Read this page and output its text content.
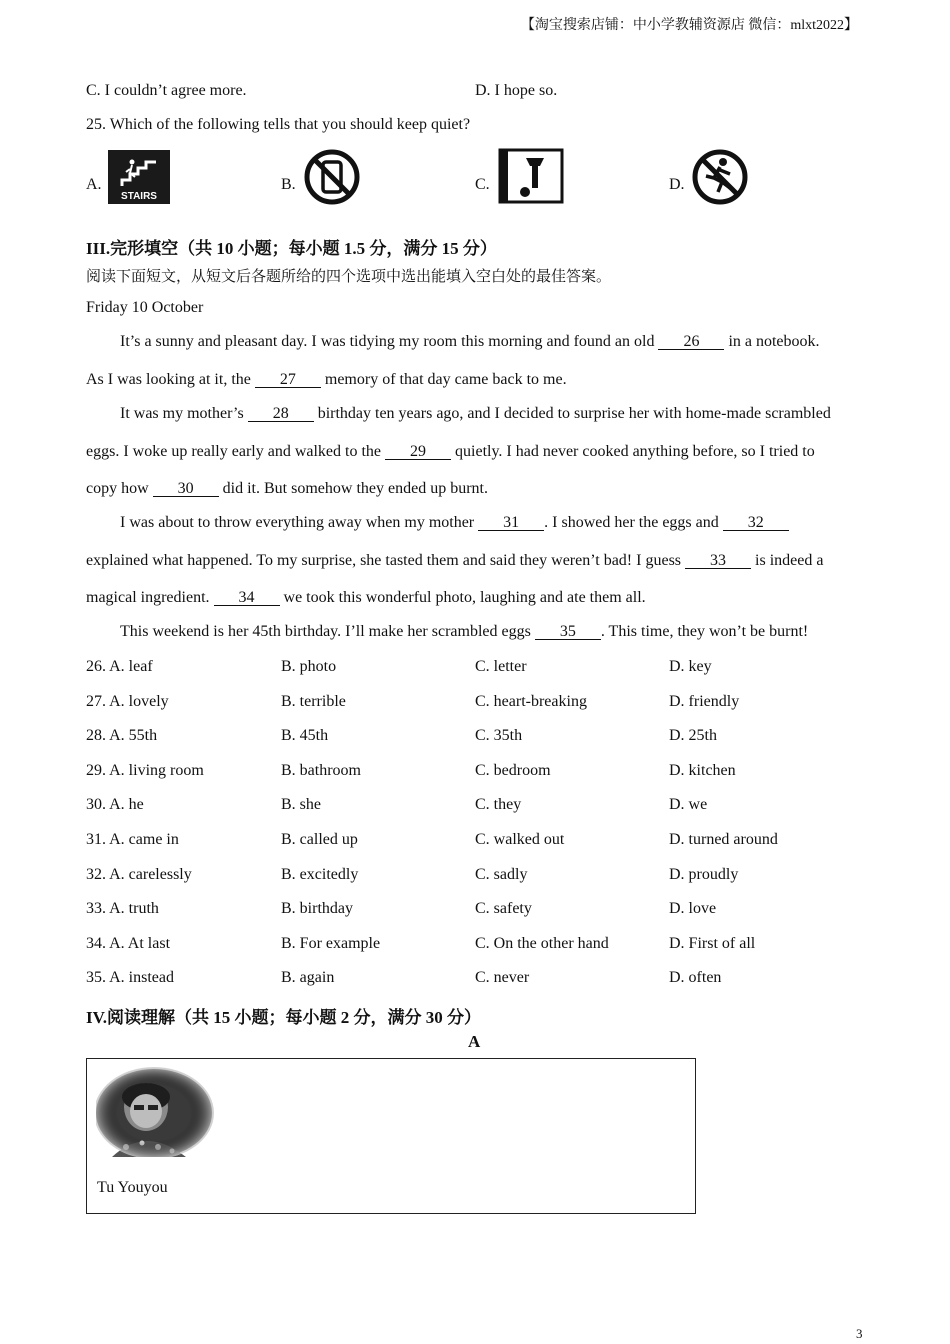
【淘宝搜索店铺：中小学教辅资源店 微信：mlxt2022】
C. I couldn’t agree more.	D. I hope so.
25. Which of the following tells that you should keep quiet?
A.
STAIRS
B.	C.	D.
III.完形填空（共 10 小题；每小题 1.5 分，满分 15 分）
阅读下面短文，从短文后各题所给的四个选项中选出能填入空白处的最佳答案。
Friday 10 October
It’s a sunny and pleasant day. I was tidying my room this morning and found an old 26 in a notebook.
As I was looking at it, the 27 memory of that day came back to me.
It was my mother’s 28 birthday ten years ago, and I decided to surprise her with home-made scrambled
eggs. I woke up really early and walked to the 29 quietly. I had never cooked anything before, so I tried to
copy how 30 did it. But somehow they ended up burnt.
I was about to throw everything away when my mother 31 . I showed her the eggs and 32
explained what happened. To my surprise, she tasted them and said they weren’t bad! I guess 33 is indeed a
magical ingredient. 34 we took this wonderful photo, laughing and ate them all.
This weekend is her 45th birthday. I’ll make her scrambled eggs 35 . This time, they won’t be burnt!
26. A. leaf	B. photo	C. letter	D. key
27. A. lovely	B. terrible	C. heart-breaking	D. friendly
28. A. 55th	B. 45th	C. 35th	D. 25th
29. A. living room	B. bathroom	C. bedroom	D. kitchen
30. A. he	B. she	C. they	D. we
31. A. came in	B. called up	C. walked out	D. turned around
32. A. carelessly	B. excitedly	C. sadly	D. proudly
33. A. truth	B. birthday	C. safety	D. love
34. A. At last	B. For example	C. On the other hand	D. First of all
35. A. instead	B. again	C. never	D. often
IV.阅读理解（共 15 小题；每小题 2 分，满分 30 分）
A
Tu Youyou
3
